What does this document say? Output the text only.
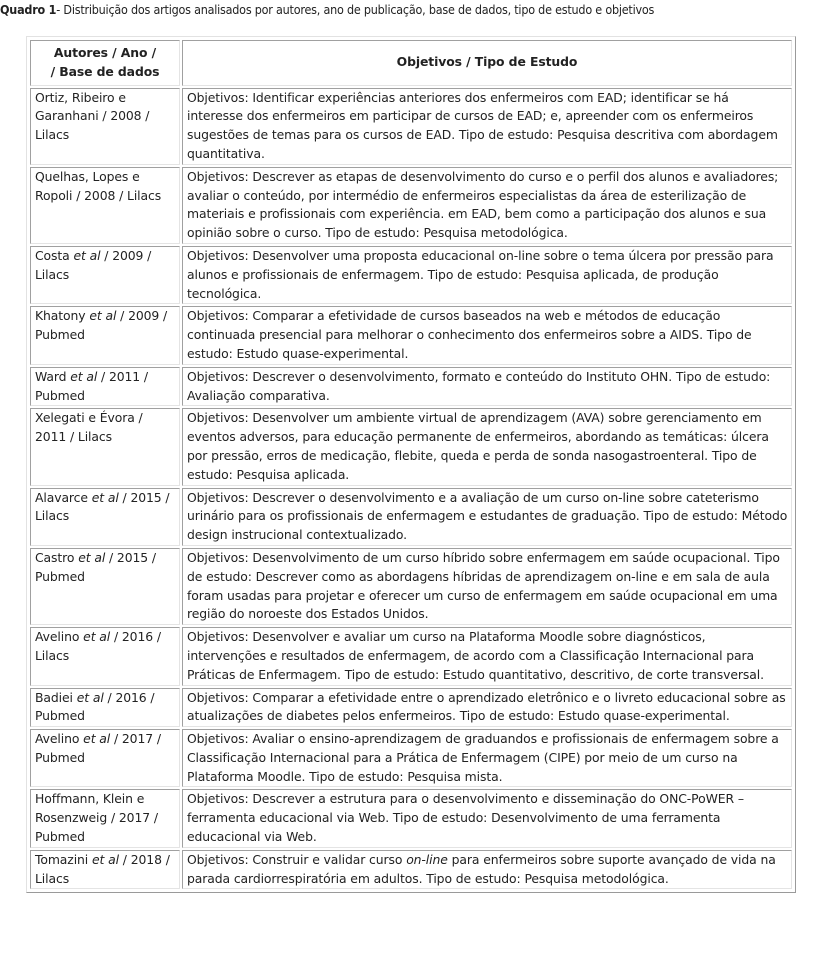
Quadro 1- Distribuição dos artigos analisados por autores, ano de publicação, base de dados, tipo de estudo e objetivos
Autores / Ano /
/ Base de dados	Objetivos / Tipo de Estudo
Ortiz, Ribeiro e Garanhani / 2008 / Lilacs	Objetivos: Identificar experiências anteriores dos enfermeiros com EAD; identificar se há interesse dos enfermeiros em participar de cursos de EAD; e, apreender com os enfermeiros sugestões de temas para os cursos de EAD. Tipo de estudo: Pesquisa descritiva com abordagem quantitativa.
Quelhas, Lopes e Ropoli / 2008 / Lilacs	Objetivos: Descrever as etapas de desenvolvimento do curso e o perfil dos alunos e avaliadores; avaliar o conteúdo, por intermédio de enfermeiros especialistas da área de esterilização de materiais e profissionais com experiência. em EAD, bem como a participação dos alunos e sua opinião sobre o curso. Tipo de estudo: Pesquisa metodológica.
Costa et al / 2009 / Lilacs	Objetivos: Desenvolver uma proposta educacional on-line sobre o tema úlcera por pressão para alunos e profissionais de enfermagem. Tipo de estudo: Pesquisa aplicada, de produção tecnológica.
Khatony et al / 2009 / Pubmed	Objetivos: Comparar a efetividade de cursos baseados na web e métodos de educação continuada presencial para melhorar o conhecimento dos enfermeiros sobre a AIDS. Tipo de estudo: Estudo quase-experimental.
Ward et al / 2011 / Pubmed	Objetivos: Descrever o desenvolvimento, formato e conteúdo do Instituto OHN. Tipo de estudo: Avaliação comparativa.
Xelegati e Évora / 2011 / Lilacs	Objetivos: Desenvolver um ambiente virtual de aprendizagem (AVA) sobre gerenciamento em eventos adversos, para educação permanente de enfermeiros, abordando as temáticas: úlcera por pressão, erros de medicação, flebite, queda e perda de sonda nasogastroenteral. Tipo de estudo: Pesquisa aplicada.
Alavarce et al / 2015 / Lilacs	Objetivos: Descrever o desenvolvimento e a avaliação de um curso on-line sobre cateterismo urinário para os profissionais de enfermagem e estudantes de graduação. Tipo de estudo: Método design instrucional contextualizado.
Castro et al / 2015 / Pubmed	Objetivos: Desenvolvimento de um curso híbrido sobre enfermagem em saúde ocupacional. Tipo de estudo: Descrever como as abordagens híbridas de aprendizagem on-line e em sala de aula foram usadas para projetar e oferecer um curso de enfermagem em saúde ocupacional em uma região do noroeste dos Estados Unidos.
Avelino et al / 2016 / Lilacs	Objetivos: Desenvolver e avaliar um curso na Plataforma Moodle sobre diagnósticos, intervenções e resultados de enfermagem, de acordo com a Classificação Internacional para Práticas de Enfermagem. Tipo de estudo: Estudo quantitativo, descritivo, de corte transversal.
Badiei et al / 2016 / Pubmed	Objetivos: Comparar a efetividade entre o aprendizado eletrônico e o livreto educacional sobre as atualizações de diabetes pelos enfermeiros. Tipo de estudo: Estudo quase-experimental.
Avelino et al / 2017 / Pubmed	Objetivos: Avaliar o ensino-aprendizagem de graduandos e profissionais de enfermagem sobre a Classificação Internacional para a Prática de Enfermagem (CIPE) por meio de um curso na Plataforma Moodle. Tipo de estudo: Pesquisa mista.
Hoffmann, Klein e Rosenzweig / 2017 / Pubmed	Objetivos: Descrever a estrutura para o desenvolvimento e disseminação do ONC-PoWER – ferramenta educacional via Web. Tipo de estudo: Desenvolvimento de uma ferramenta educacional via Web.
Tomazini et al / 2018 / Lilacs	Objetivos: Construir e validar curso on-line para enfermeiros sobre suporte avançado de vida na parada cardiorrespiratória em adultos. Tipo de estudo: Pesquisa metodológica.
